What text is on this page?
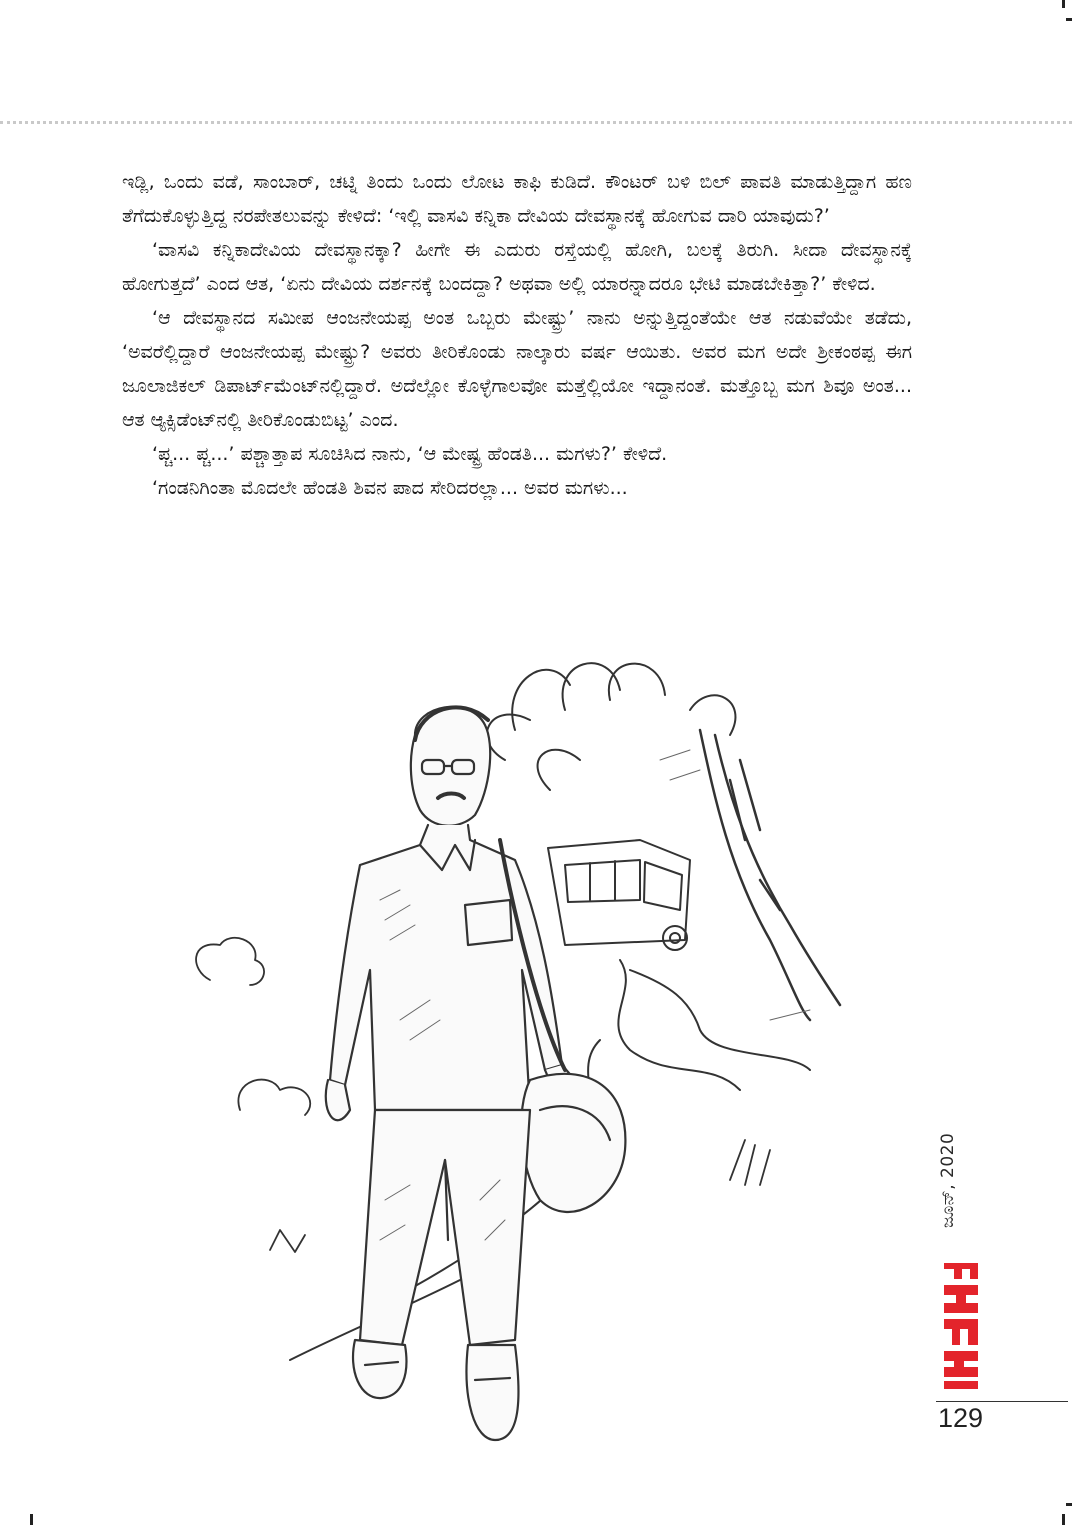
ಇಡ್ಲಿ, ಒಂದು ವಡೆ, ಸಾಂಬಾರ್, ಚಟ್ನಿ ತಿಂದು ಒಂದು ಲೋಟ ಕಾಫಿ ಕುಡಿದೆ. ಕೌಂಟರ್ ಬಳಿ ಬಿಲ್ ಪಾವತಿ ಮಾಡುತ್ತಿದ್ದಾಗ ಹಣ ತೆಗೆದುಕೊಳ್ಳುತ್ತಿದ್ದ ನರಪೇತಲುವನ್ನು ಕೇಳಿದೆ: ‘ಇಲ್ಲಿ ವಾಸವಿ ಕನ್ನಿಕಾ ದೇವಿಯ ದೇವಸ್ಥಾನಕ್ಕೆ ಹೋಗುವ ದಾರಿ ಯಾವುದು?’

‘ವಾಸವಿ ಕನ್ನಿಕಾದೇವಿಯ ದೇವಸ್ಥಾನಕ್ಕಾ? ಹೀಗೇ ಈ ಎದುರು ರಸ್ತೆಯಲ್ಲಿ ಹೋಗಿ, ಬಲಕ್ಕೆ ತಿರುಗಿ. ಸೀದಾ ದೇವಸ್ಥಾನಕ್ಕೆ ಹೋಗುತ್ತದೆ’ ಎಂದ ಆತ, ‘ಏನು ದೇವಿಯ ದರ್ಶನಕ್ಕೆ ಬಂದದ್ದಾ? ಅಥವಾ ಅಲ್ಲಿ ಯಾರನ್ನಾದರೂ ಭೇಟಿ ಮಾಡಬೇಕಿತ್ತಾ?’ ಕೇಳಿದ.

‘ಆ ದೇವಸ್ಥಾನದ ಸಮೀಪ ಆಂಜನೇಯಪ್ಪ ಅಂತ ಒಬ್ಬರು ಮೇಷ್ಟ್ರು’ ನಾನು ಅನ್ನುತ್ತಿದ್ದಂತೆಯೇ ಆತ ನಡುವೆಯೇ ತಡೆದು, ‘ಅವರೆಲ್ಲಿದ್ದಾರೆ ಆಂಜನೇಯಪ್ಪ ಮೇಷ್ಟ್ರು? ಅವರು ತೀರಿಕೊಂಡು ನಾಲ್ಕಾರು ವರ್ಷ ಆಯಿತು. ಅವರ ಮಗ ಅದೇ ಶ್ರೀಕಂಠಪ್ಪ ಈಗ ಜೂಲಾಜಿಕಲ್ ಡಿಪಾರ್ಟ್‌ಮೆಂಟ್‌ನಲ್ಲಿದ್ದಾರೆ. ಅದೆಲ್ಲೋ ಕೊಳ್ಳೆಗಾಲವೋ ಮತ್ತೆಲ್ಲಿಯೋ ಇದ್ದಾನಂತೆ. ಮತ್ತೊಬ್ಬ ಮಗ ಶಿವೂ ಅಂತ... ಆತ ಆ್ಯಕ್ಸಿಡೆಂಟ್‌ನಲ್ಲಿ ತೀರಿಕೊಂಡುಬಿಟ್ಟ’ ಎಂದ.

‘ಪ್ಚ... ಪ್ಚ...’ ಪಶ್ಚಾತ್ತಾಪ ಸೂಚಿಸಿದ ನಾನು, ‘ಆ ಮೇಷ್ಟ್ರ ಹೆಂಡತಿ... ಮಗಳು?’ ಕೇಳಿದೆ.

‘ಗಂಡನಿಗಿಂತಾ ಮೊದಲೇ ಹೆಂಡತಿ ಶಿವನ ಪಾದ ಸೇರಿದರಲ್ಲಾ... ಅವರ ಮಗಳು...

ಜೂನ್, 2020
129
